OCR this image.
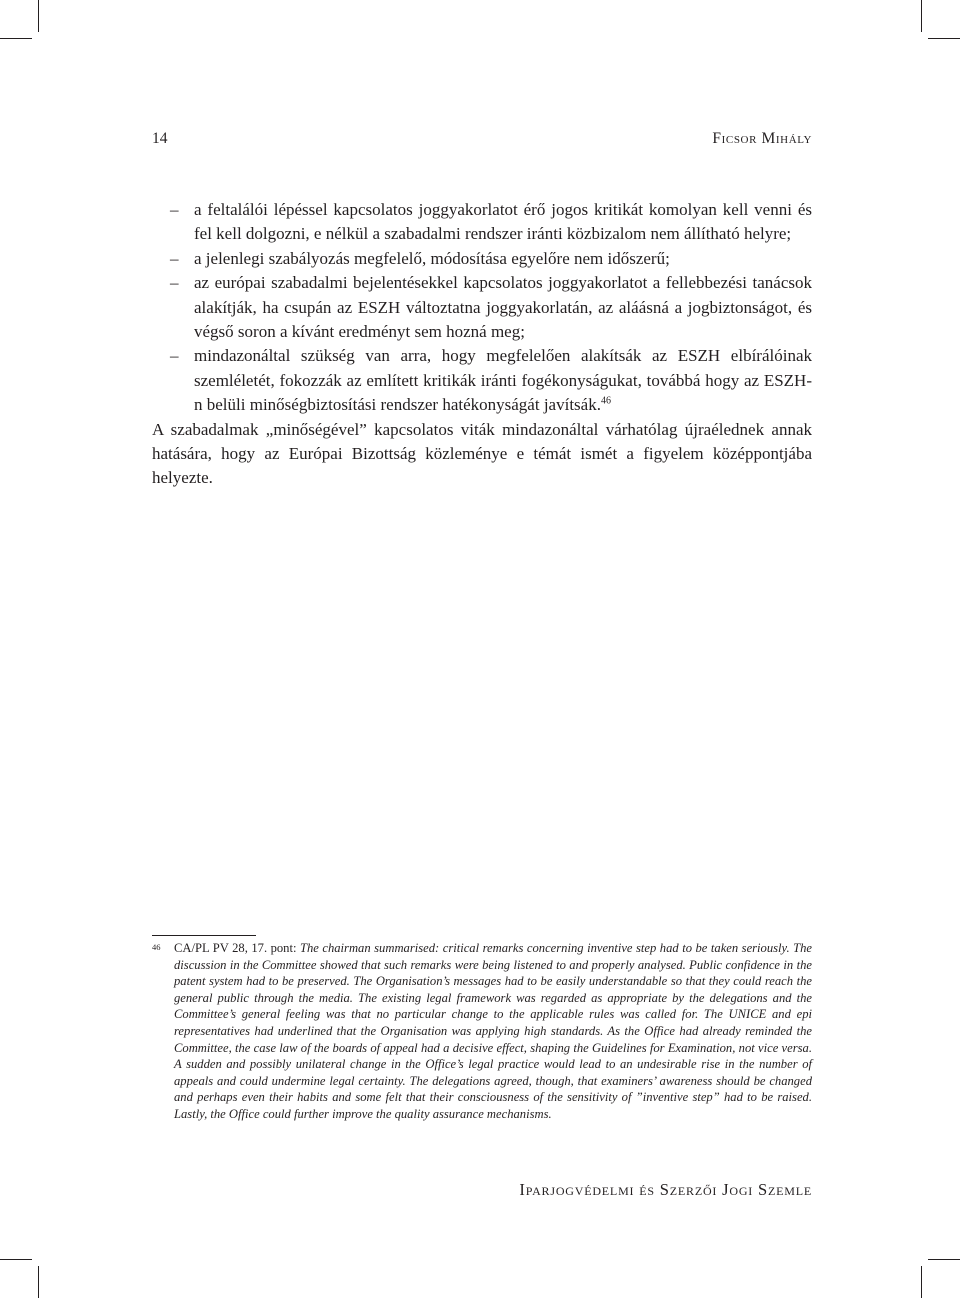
14	Ficsor Mihály
– a feltalálói lépéssel kapcsolatos joggyakorlatot érő jogos kritikát komolyan kell venni és fel kell dolgozni, e nélkül a szabadalmi rendszer iránti közbizalom nem állítható helyre;
– a jelenlegi szabályozás megfelelő, módosítása egyelőre nem időszerű;
– az európai szabadalmi bejelentésekkel kapcsolatos joggyakorlatot a fellebbezési tanácsok alakítják, ha csupán az ESZH változtatna joggyakorlatán, az aláásná a jogbiztonságot, és végső soron a kívánt eredményt sem hozná meg;
– mindazonáltal szükség van arra, hogy megfelelően alakítsák az ESZH elbírálóinak szemléletét, fokozzák az említett kritikák iránti fogékonyságukat, továbbá hogy az ESZH-n belüli minőségbiztosítási rendszer hatékonyságát javítsák.$^{46}$

A szabadalmak „minőségével” kapcsolatos viták mindazonáltal várhatólag újraélednek annak hatására, hogy az Európai Bizottság közleménye e témát ismét a figyelem középpontjába helyezte.

46	CA/PL PV 28, 17. pont: The chairman summarised: critical remarks concerning inventive step had to be taken seriously. The discussion in the Committee showed that such remarks were being listened to and properly analysed. Public confidence in the patent system had to be preserved. The Organisation’s messages had to be easily understandable so that they could reach the general public through the media. The existing legal framework was regarded as appropriate by the delegations and the Committee’s general feeling was that no particular change to the applicable rules was called for. The UNICE and epi representatives had underlined that the Organisation was applying high standards. As the Office had already reminded the Committee, the case law of the boards of appeal had a decisive effect, shaping the Guidelines for Examination, not vice versa. A sudden and possibly unilateral change in the Office’s legal practice would lead to an undesirable rise in the number of appeals and could undermine legal certainty. The delegations agreed, though, that examiners’ awareness should be changed and perhaps even their habits and some felt that their consciousness of the sensitivity of ”inventive step” had to be raised. Lastly, the Office could further improve the quality assurance mechanisms.
Iparjogvédelmi és Szerzői Jogi Szemle
